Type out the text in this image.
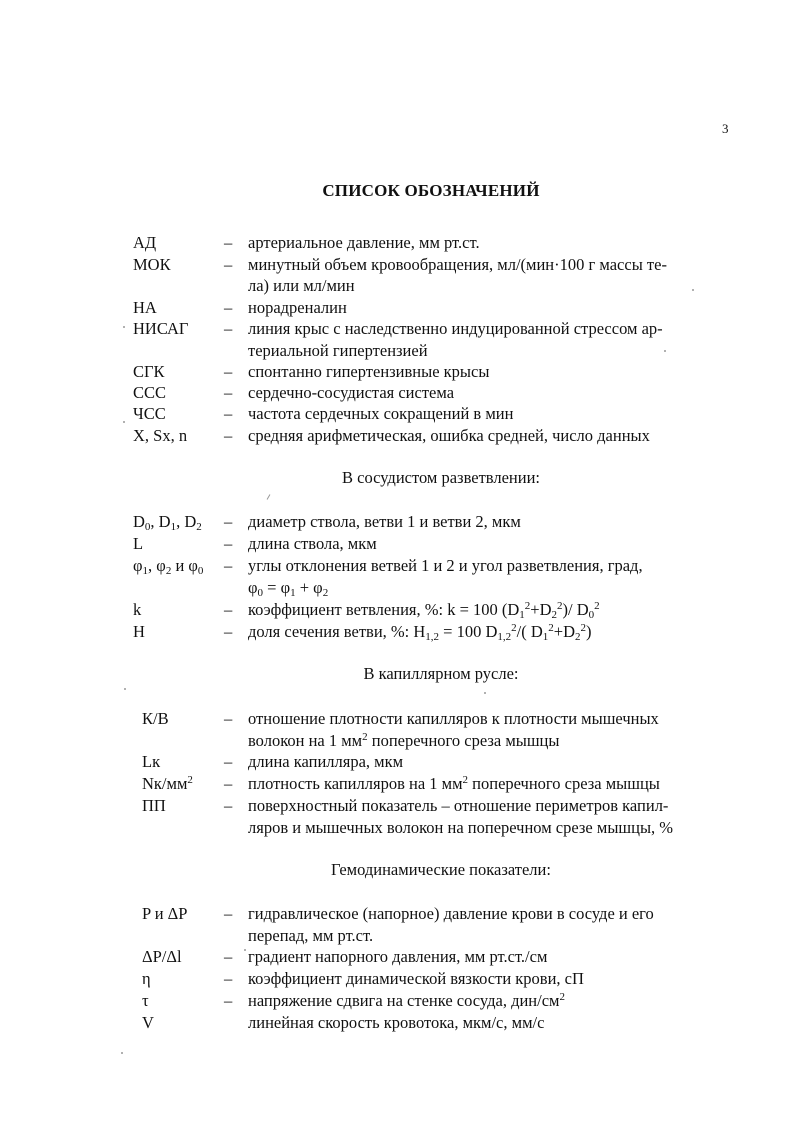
3
СПИСОК ОБОЗНАЧЕНИЙ
АД	– артериальное давление, мм рт.ст.
МОК	– минутный объем кровообращения, мл/(мин·100 г массы те-
ла) или мл/мин
НА	– норадреналин
НИСАГ – линия крыс с наследственно индуцированной стрессом ар-
териальной гипертензией
СГК	– спонтанно гипертензивные крысы
ССС	– сердечно-сосудистая система
ЧСС	– частота сердечных сокращений в мин
X, Sx, n – средняя арифметическая, ошибка средней, число данных
В сосудистом разветвлении:
$D_0$, $D_1$, $D_2$ – диаметр ствола, ветви 1 и ветви 2, мкм
L	– длина ствола, мкм
$\varphi_1$, $\varphi_2$ и $\varphi_0$ – углы отклонения ветвей 1 и 2 и угол разветвления, град,
$\varphi_0 = \varphi_1 + \varphi_2$
k	– коэффициент ветвления, %: k = 100 $(D_1^2+D_2^2)/$ $D_0^2$
H	– доля сечения ветви, %: $H_{1,2} = 100$ $D_{1,2}^2/$( $D_1^2+D_2^2$)
В капиллярном русле:
К/В	– отношение плотности капилляров к плотности мышечных
волокон на 1 $мм^2$ поперечного среза мышцы
Lк	– длина капилляра, мкм
$Nк/мм^2$ – плотность капилляров на 1 $мм^2$ поперечного среза мышцы
ПП	– поверхностный показатель – отношение периметров капил-
ляров и мышечных волокон на поперечном срезе мышцы, %
Гемодинамические показатели:
P и ΔP – гидравлическое (напорное) давление крови в сосуде и его
перепад, мм рт.ст.
ΔP/Δl	– градиент напорного давления, мм рт.ст./см
η	– коэффициент динамической вязкости крови, сП
τ	– напряжение сдвига на стенке сосуда, дин/$см^2$
V	линейная скорость кровотока, мкм/с, мм/с
